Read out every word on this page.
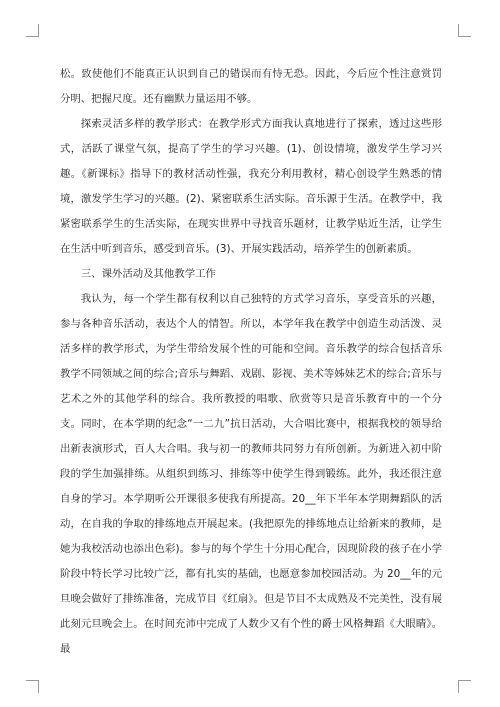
松。致使他们不能真正认识到自己的错误而有恃无恐。因此，今后应个性注意赏罚分明、把握尺度。还有幽默力量运用不够。

探索灵活多样的教学形式：在教学形式方面我认真地进行了探索，透过这些形式，活跃了课堂气氛，提高了学生的学习兴趣。(1)、创设情境，激发学生学习兴趣。《新课标》指导下的教材活动性强，我充分利用教材，精心创设学生熟悉的情境，激发学生学习的兴趣。(2)、紧密联系生活实际。音乐源于生活。在教学中，我紧密联系学生的生活实际，在现实世界中寻找音乐题材，让教学贴近生活，让学生在生活中听到音乐，感受到音乐。(3)、开展实践活动，培养学生的创新素质。

三、课外活动及其他教学工作

我认为，每一个学生都有权利以自己独特的方式学习音乐，享受音乐的兴趣，参与各种音乐活动，表达个人的情智。所以，本学年我在教学中创造生动活泼、灵活多样的教学形式，为学生带给发展个性的可能和空间。音乐教学的综合包括音乐教学不同领域之间的综合;音乐与舞蹈、戏剧、影视、美术等姊妹艺术的综合;音乐与艺术之外的其他学科的综合。我所教授的唱歌、欣赏等只是音乐教育中的一个分支。同时，在本学期的纪念“一二九”抗日活动，大合唱比赛中，根据我校的领导给出新表演形式，百人大合唱。我与初一的教师共同努力有所创新。为新进入初中阶段的学生加强排练。从组织到练习、排练等中使学生得到锻练。此外，我还很注意自身的学习。本学期听公开课很多使我有所提高。20__年下半年本学期舞蹈队的活动，在自我的争取的排练地点开展起来。(我把原先的排练地点让给新来的教师，是她为我校活动也添出色彩)。参与的每个学生十分用心配合，因现阶段的孩子在小学阶段中特长学习比较广泛，都有扎实的基础，也愿意参加校园活动。为 20__年的元旦晚会做好了排练准备，完成节目《红扇》。但是节目不太成熟及不完美性，没有展此刻元旦晚会上。在时间充沛中完成了人数少又有个性的爵士风格舞蹈《大眼睛》。最
